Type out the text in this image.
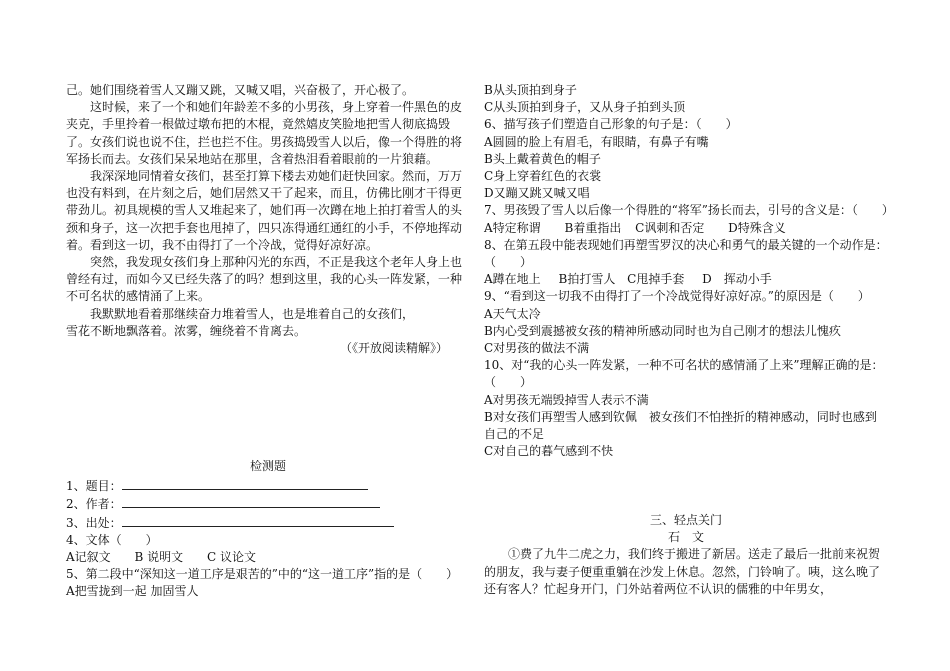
己。她们围绕着雪人又蹦又跳，又喊又唱，兴奋极了，开心极了。

这时候，来了一个和她们年龄差不多的小男孩，身上穿着一件黑色的皮夹克，手里拎着一根做过墩布把的木棍，竟然嬉皮笑脸地把雪人彻底捣毁了。女孩们说也说不住，拦也拦不住。男孩捣毁雪人以后，像一个得胜的将军扬长而去。女孩们呆呆地站在那里，含着热泪看着眼前的一片狼藉。

我深深地同情着女孩们，甚至打算下楼去劝她们赶快回家。然而，万万也没有料到，在片刻之后，她们居然又干了起来，而且，仿佛比刚才干得更带劲儿。初具规模的雪人又堆起来了，她们再一次蹲在地上拍打着雪人的头颈和身子，这一次把手套也甩掉了，四只冻得通红通红的小手，不停地挥动着。看到这一切，我不由得打了一个冷战，觉得好凉好凉。

突然，我发现女孩们身上那种闪光的东西，不正是我这个老年人身上也曾经有过，而如今又已经失落了的吗？想到这里，我的心头一阵发紧，一种不可名状的感情涌了上来。

我默默地看着那继续奋力堆着雪人，也是堆着自己的女孩们，

雪花不断地飘落着。浓雾，缠绕着不肯离去。

（《开放阅读精解》）

检测题

1、题目：

2、作者：

3、出处：

4、文体（　　）

A记叙文 B 说明文 C 议论文

5、第二段中“深知这一道工序是艰苦的”中的“这一道工序”指的是（　　）

A把雪拢到一起 加固雪人

B从头顶拍到身子

C从头顶拍到身子，又从身子拍到头顶

6、描写孩子们塑造自己形象的句子是：（　　）

A圆圆的脸上有眉毛，有眼睛，有鼻子有嘴

B头上戴着黄色的帽子

C身上穿着红色的衣裳

D又蹦又跳又喊又唱

7、男孩毁了雪人以后像一个得胜的“将军”扬长而去，引号的含义是：（　　）

A特定称谓 B着重指出 C讽刺和否定 D特殊含义

8、在第五段中能表现她们再塑雪罗汉的决心和勇气的最关键的一个动作是：（　　）

A蹲在地上 B拍打雪人 C甩掉手套 D　挥动小手

9、“看到这一切我不由得打了一个冷战觉得好凉好凉。”的原因是（　　）

A天气太冷

B内心受到震撼被女孩的精神所感动同时也为自己刚才的想法儿愧疚

C对男孩的做法不满

10、对“我的心头一阵发紧，一种不可名状的感情涌了上来”理解正确的是：（　　）

A对男孩无端毁掉雪人表示不满

B对女孩们再塑雪人感到钦佩　被女孩们不怕挫折的精神感动，同时也感到自己的不足

C对自己的暮气感到不快

三、轻点关门

石　文

①费了九牛二虎之力，我们终于搬进了新居。送走了最后一批前来祝贺的朋友，我与妻子便重重躺在沙发上休息。忽然，门铃响了。咦，这么晚了还有客人？忙起身开门，门外站着两位不认识的儒雅的中年男女，
